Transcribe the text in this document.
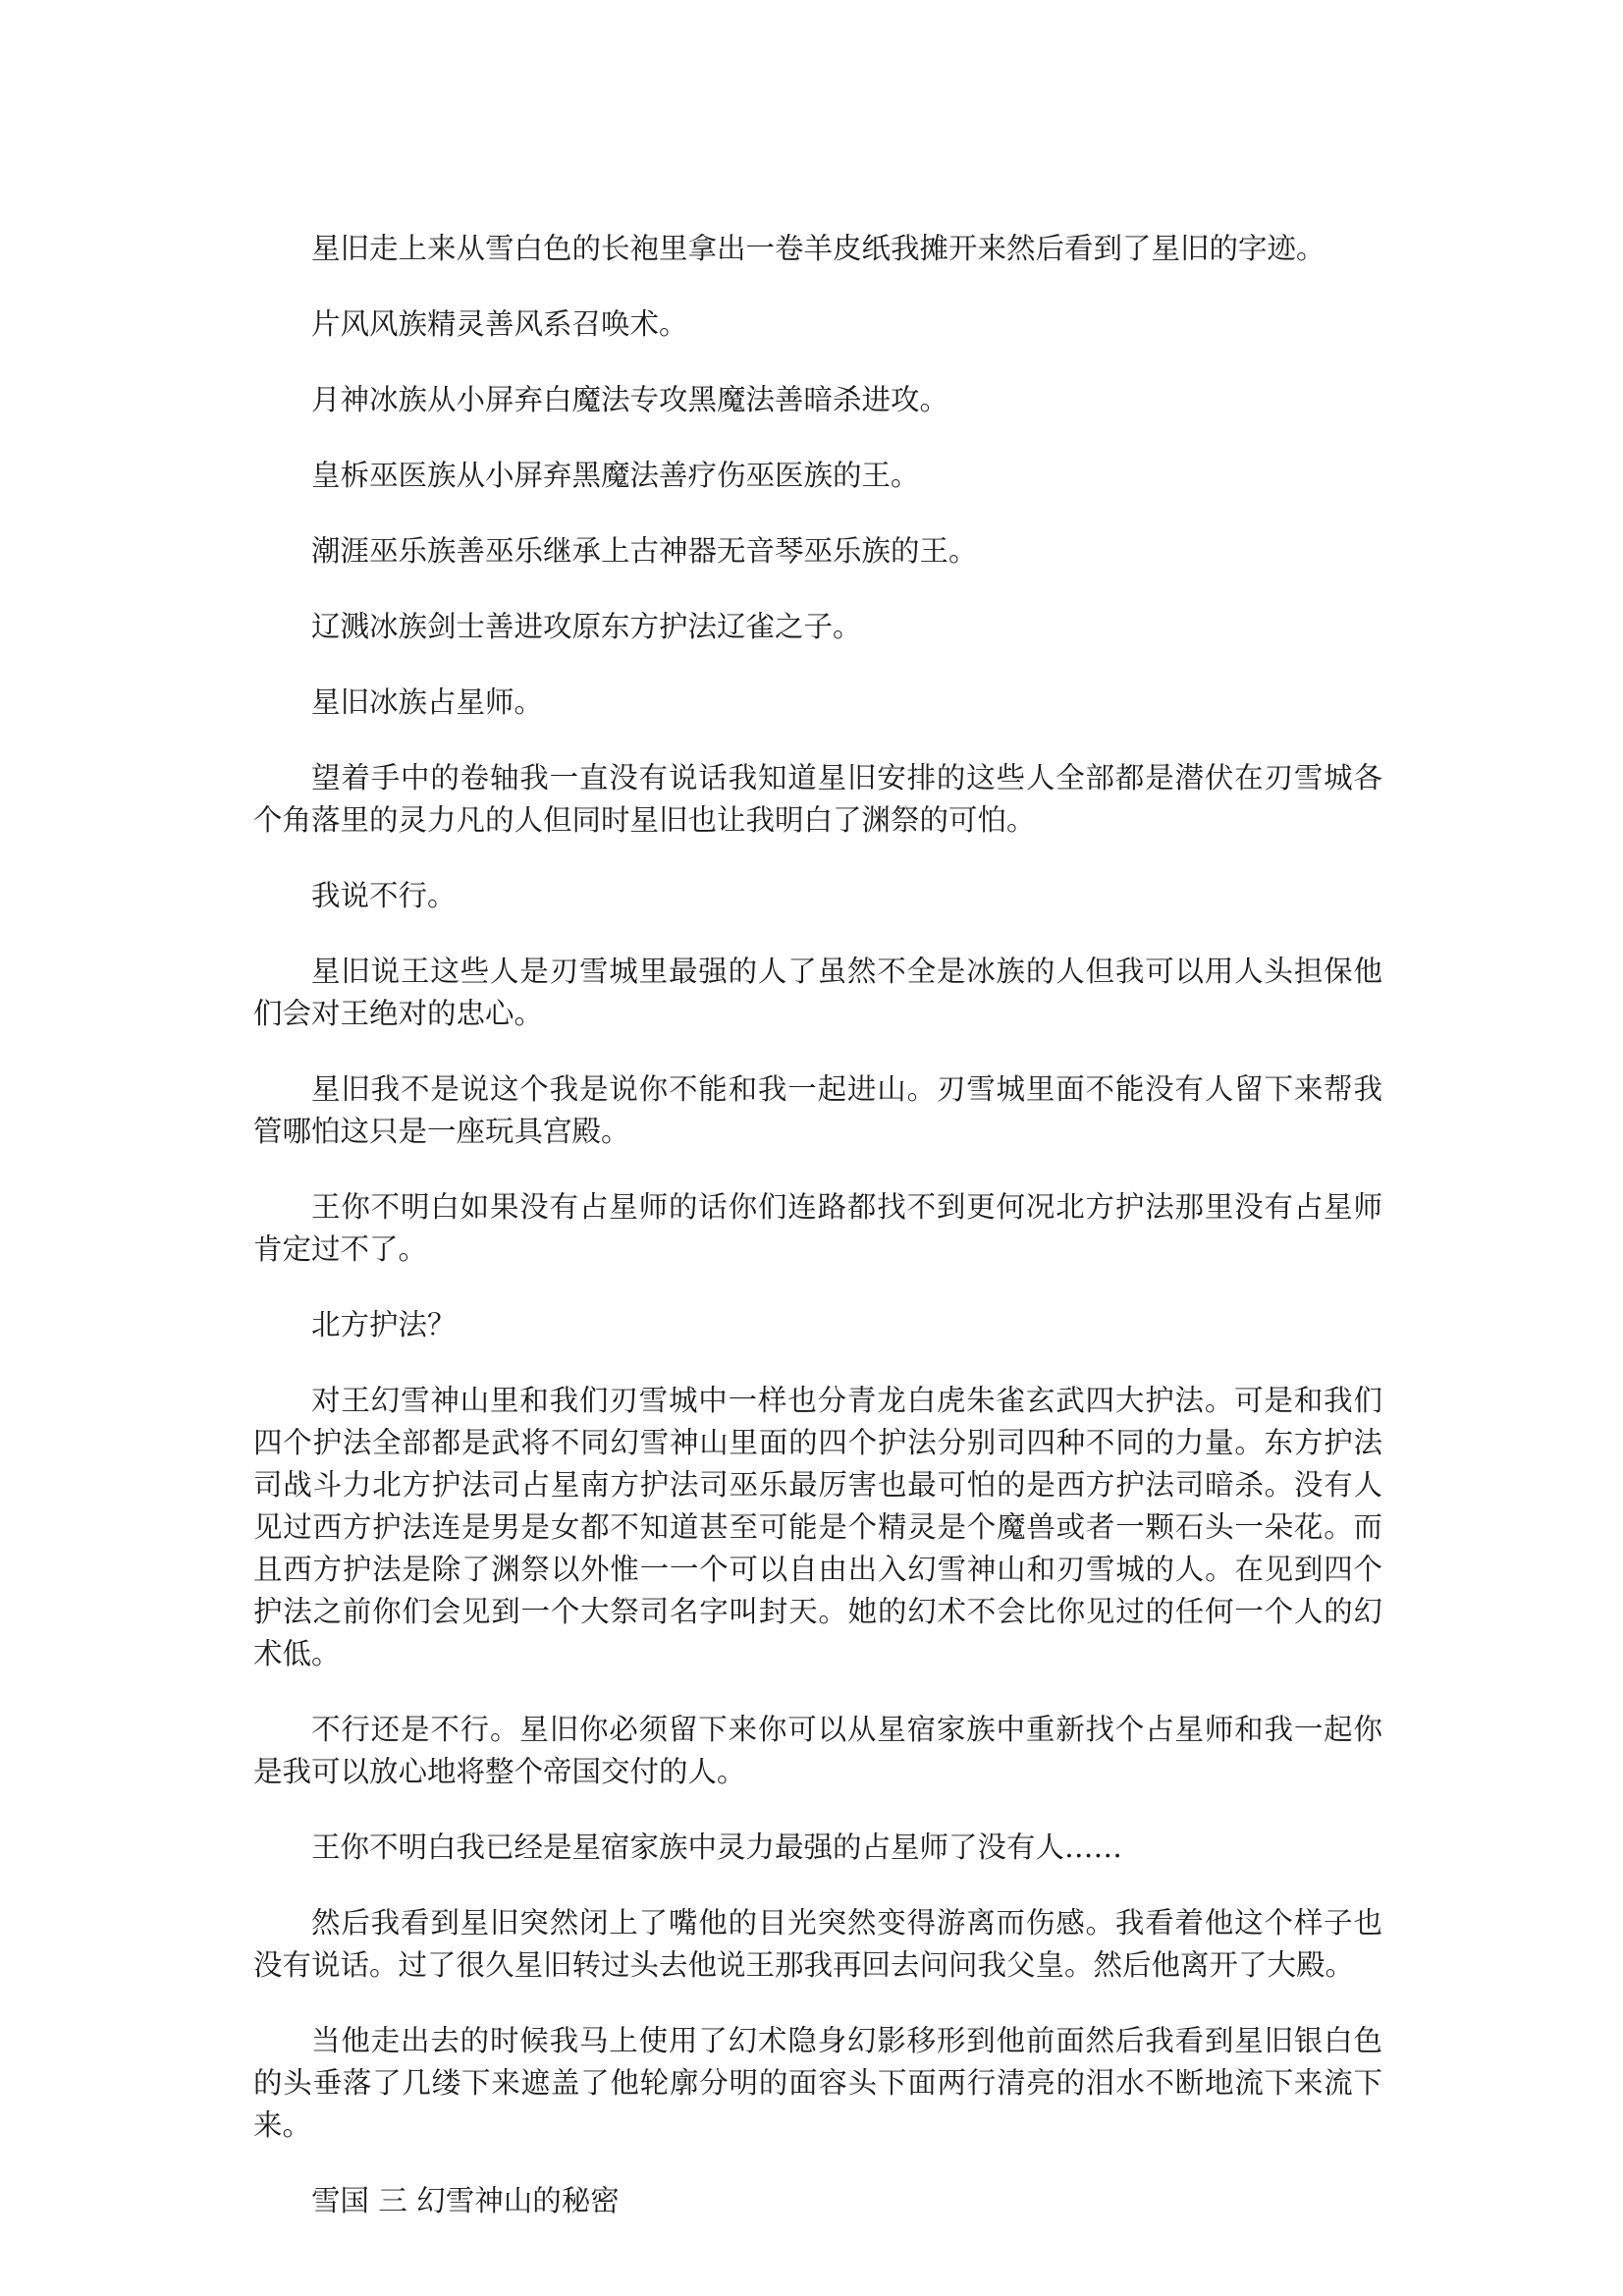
星旧走上来从雪白色的长袍里拿出一卷羊皮纸我摊开来然后看到了星旧的字迹。

片风风族精灵善风系召唤术。

月神冰族从小屏弃白魔法专攻黑魔法善暗杀进攻。

皇柝巫医族从小屏弃黑魔法善疗伤巫医族的王。

潮涯巫乐族善巫乐继承上古神器无音琴巫乐族的王。

辽溅冰族剑士善进攻原东方护法辽雀之子。

星旧冰族占星师。

望着手中的卷轴我一直没有说话我知道星旧安排的这些人全部都是潜伏在刃雪城各个角落里的灵力凡的人但同时星旧也让我明白了渊祭的可怕。

我说不行。

星旧说王这些人是刃雪城里最强的人了虽然不全是冰族的人但我可以用人头担保他们会对王绝对的忠心。

星旧我不是说这个我是说你不能和我一起进山。刃雪城里面不能没有人留下来帮我管哪怕这只是一座玩具宫殿。

王你不明白如果没有占星师的话你们连路都找不到更何况北方护法那里没有占星师肯定过不了。

北方护法？

对王幻雪神山里和我们刃雪城中一样也分青龙白虎朱雀玄武四大护法。可是和我们四个护法全部都是武将不同幻雪神山里面的四个护法分别司四种不同的力量。东方护法司战斗力北方护法司占星南方护法司巫乐最厉害也最可怕的是西方护法司暗杀。没有人见过西方护法连是男是女都不知道甚至可能是个精灵是个魔兽或者一颗石头一朵花。而且西方护法是除了渊祭以外惟一一个可以自由出入幻雪神山和刃雪城的人。在见到四个护法之前你们会见到一个大祭司名字叫封天。她的幻术不会比你见过的任何一个人的幻术低。

不行还是不行。星旧你必须留下来你可以从星宿家族中重新找个占星师和我一起你是我可以放心地将整个帝国交付的人。

王你不明白我已经是星宿家族中灵力最强的占星师了没有人……

然后我看到星旧突然闭上了嘴他的目光突然变得游离而伤感。我看着他这个样子也没有说话。过了很久星旧转过头去他说王那我再回去问问我父皇。然后他离开了大殿。

当他走出去的时候我马上使用了幻术隐身幻影移形到他前面然后我看到星旧银白色的头垂落了几缕下来遮盖了他轮廓分明的面容头下面两行清亮的泪水不断地流下来流下来。

雪国 三 幻雪神山的秘密
